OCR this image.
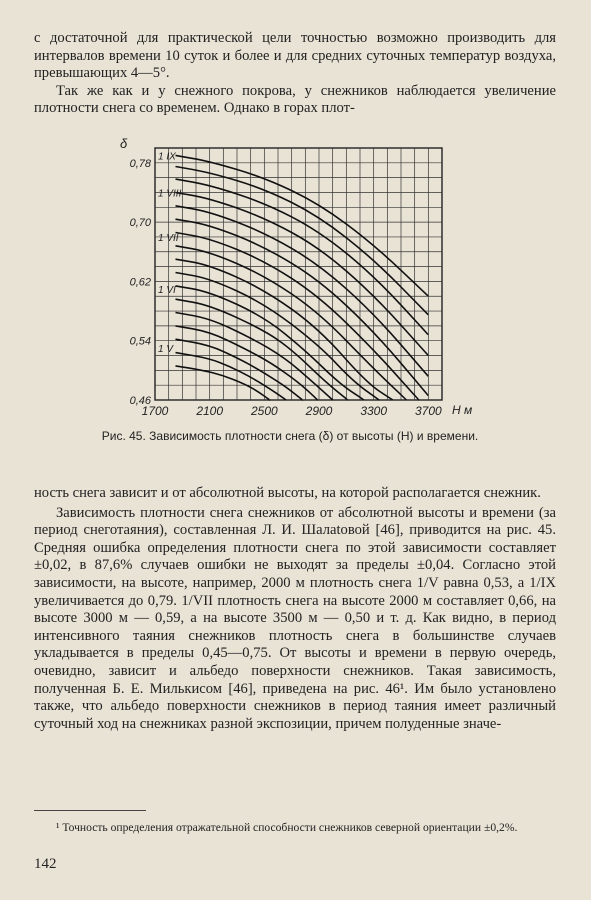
с достаточной для практической цели точностью возможно производить для интервалов времени 10 суток и более и для средних суточных температур воздуха, превышающих 4—5°.

Так же как и у снежного покрова, у снежников наблюдается увеличение плотности снега со временем. Однако в горах плот-

1700 2100 2500 2900 3300 3700
0,46
0,54
0,62
0,70
0,78
1 IX
1 VIII
1 VII
1 VI
1 V
δ
Н м

Рис. 45. Зависимость плотности снега (δ) от высоты (H) и времени.

ность снега зависит и от абсолютной высоты, на которой располагается снежник.

Зависимость плотности снега снежников от абсолютной высоты и времени (за период снеготаяния), составленная Л. И. Шалаtовой [46], приводится на рис. 45. Средняя ошибка определения плотности снега по этой зависимости составляет ±0,02, в 87,6% случаев ошибки не выходят за пределы ±0,04. Согласно этой зависимости, на высоте, например, 2000 м плотность снега 1/V равна 0,53, а 1/IX увеличивается до 0,79. 1/VII плотность снега на высоте 2000 м составляет 0,66, на высоте 3000 м — 0,59, а на высоте 3500 м — 0,50 и т. д. Как видно, в период интенсивного таяния снежников плотность снега в большинстве случаев укладывается в пределы 0,45—0,75. От высоты и времени в первую очередь, очевидно, зависит и альбедо поверхности снежников. Такая зависимость, полученная Б. Е. Милькисом [46], приведена на рис. 46¹. Им было установлено также, что альбедо поверхности снежников в период таяния имеет различный суточный ход на снежниках разной экспозиции, причем полуденные значе-

¹ Точность определения отражательной способности снежников северной ориентации ±0,2%.

142
